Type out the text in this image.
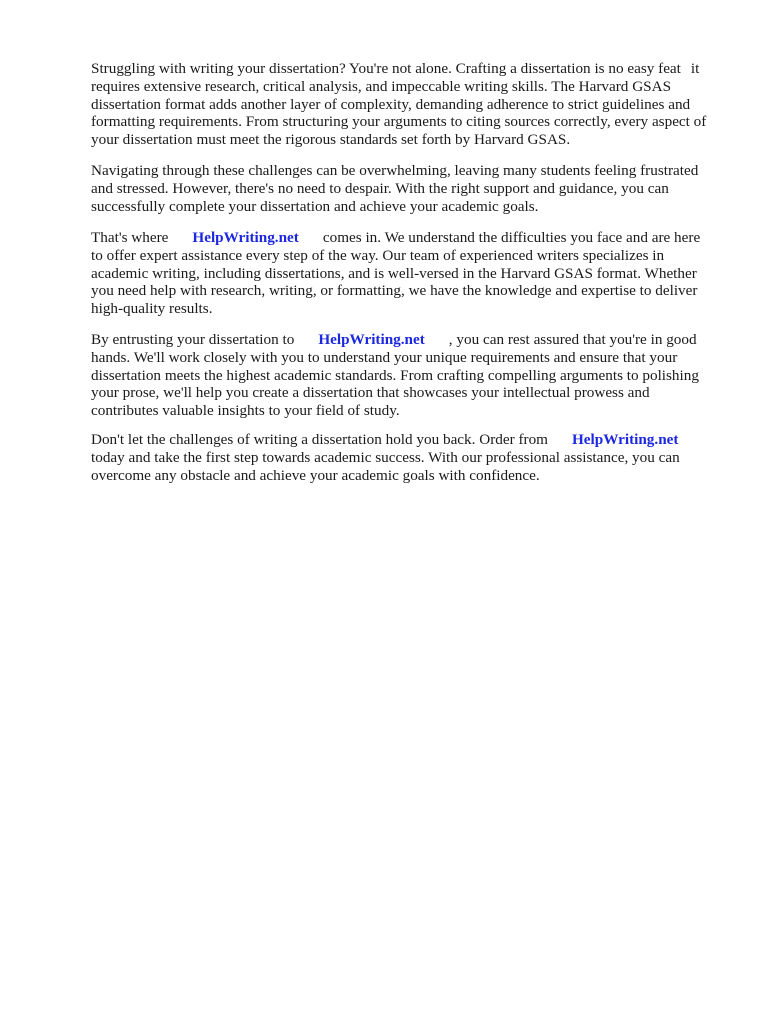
Struggling with writing your dissertation? You're not alone. Crafting a dissertation is no easy feat it
requires extensive research, critical analysis, and impeccable writing skills. The Harvard GSAS
dissertation format adds another layer of complexity, demanding adherence to strict guidelines and
formatting requirements. From structuring your arguments to citing sources correctly, every aspect of
your dissertation must meet the rigorous standards set forth by Harvard GSAS.
Navigating through these challenges can be overwhelming, leaving many students feeling frustrated
and stressed. However, there's no need to despair. With the right support and guidance, you can
successfully complete your dissertation and achieve your academic goals.
That's where HelpWriting.net comes in. We understand the difficulties you face and are here
to offer expert assistance every step of the way. Our team of experienced writers specializes in
academic writing, including dissertations, and is well-versed in the Harvard GSAS format. Whether
you need help with research, writing, or formatting, we have the knowledge and expertise to deliver
high-quality results.
By entrusting your dissertation to HelpWriting.net , you can rest assured that you're in good
hands. We'll work closely with you to understand your unique requirements and ensure that your
dissertation meets the highest academic standards. From crafting compelling arguments to polishing
your prose, we'll help you create a dissertation that showcases your intellectual prowess and
contributes valuable insights to your field of study.
Don't let the challenges of writing a dissertation hold you back. Order from HelpWriting.net
today and take the first step towards academic success. With our professional assistance, you can
overcome any obstacle and achieve your academic goals with confidence.
